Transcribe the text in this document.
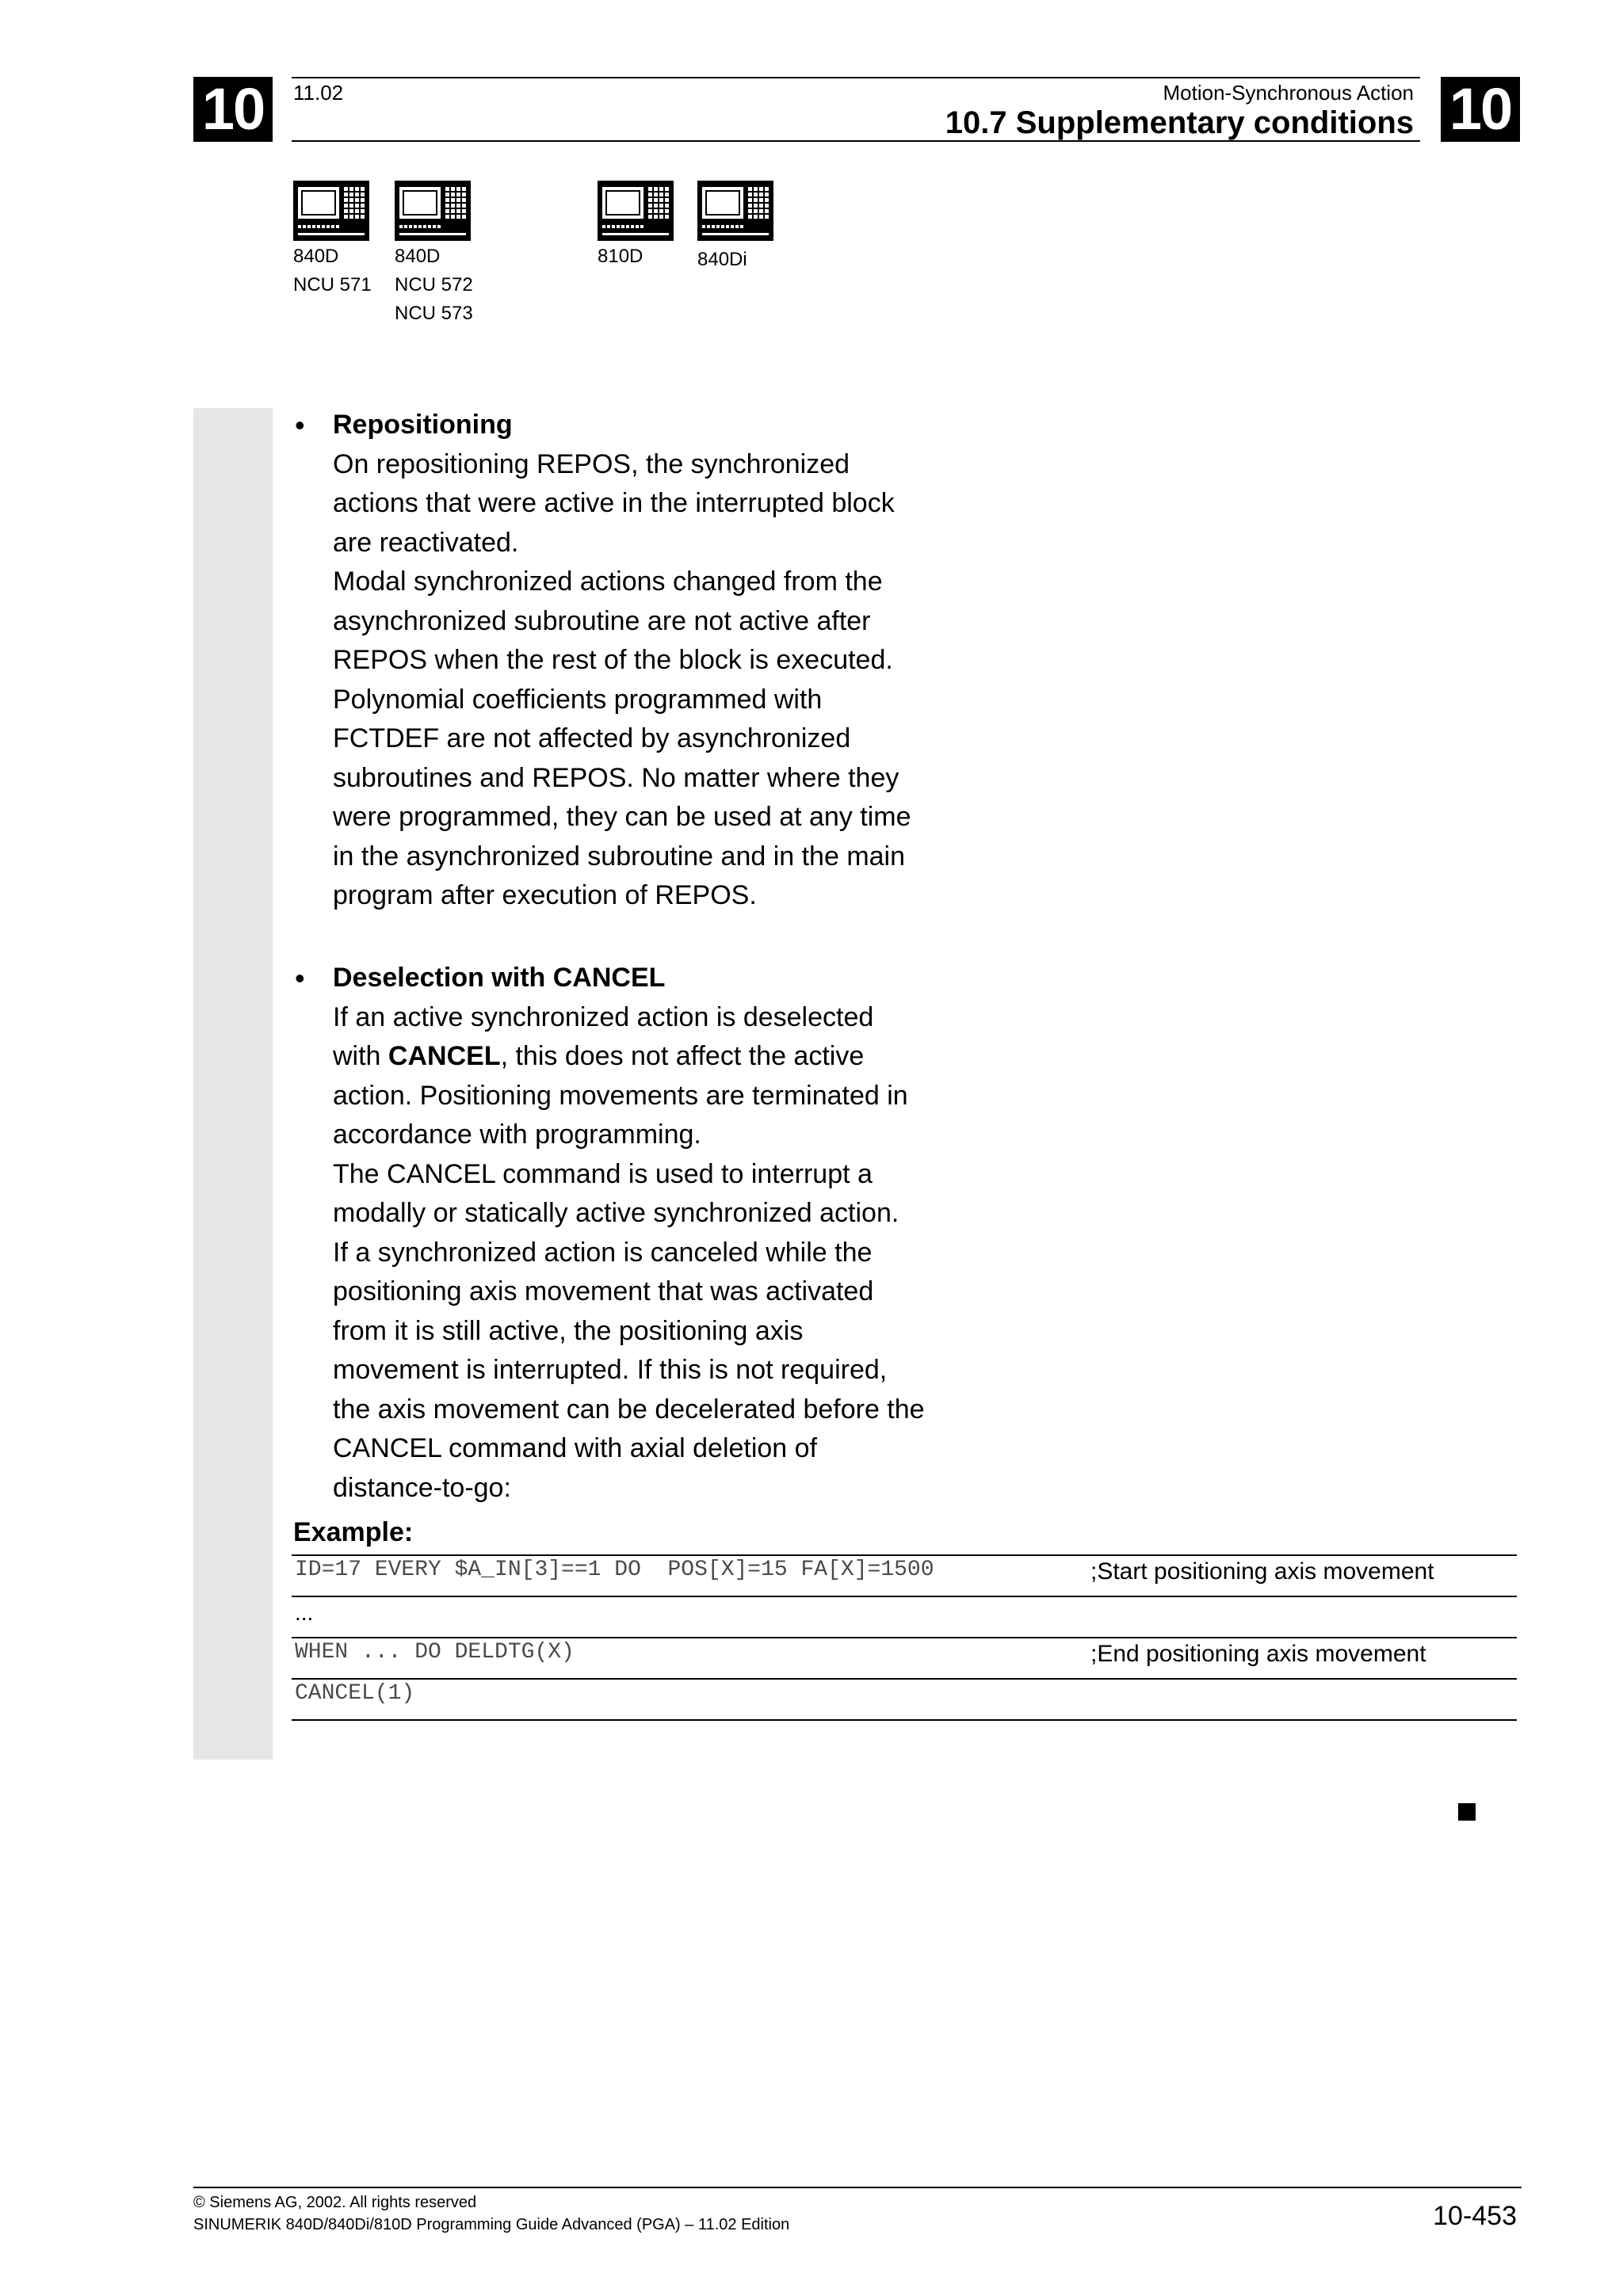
10	10
11.02	Motion-Synchronous Action
10.7 Supplementary conditions
840D
NCU 571
840D
NCU 572
NCU 573
810D	840Di
• Repositioning
On repositioning REPOS, the synchronized
actions that were active in the interrupted block
are reactivated.
Modal synchronized actions changed from the
asynchronized subroutine are not active after
REPOS when the rest of the block is executed.
Polynomial coefficients programmed with
FCTDEF are not affected by asynchronized
subroutines and REPOS. No matter where they
were programmed, they can be used at any time
in the asynchronized subroutine and in the main
program after execution of REPOS.
• Deselection with CANCEL
If an active synchronized action is deselected
with CANCEL, this does not affect the active
action. Positioning movements are terminated in
accordance with programming.
The CANCEL command is used to interrupt a
modally or statically active synchronized action.
If a synchronized action is canceled while the
positioning axis movement that was activated
from it is still active, the positioning axis
movement is interrupted. If this is not required,
the axis movement can be decelerated before the
CANCEL command with axial deletion of
distance-to-go:
Example:
ID=17 EVERY $A_IN[3]==1 DO  POS[X]=15 FA[X]=1500	;Start positioning axis movement
...
WHEN ... DO DELDTG(X)	;End positioning axis movement
CANCEL(1)
© Siemens AG, 2002. All rights reserved
SINUMERIK 840D/840Di/810D Programming Guide Advanced (PGA) – 11.02 Edition	10-453
